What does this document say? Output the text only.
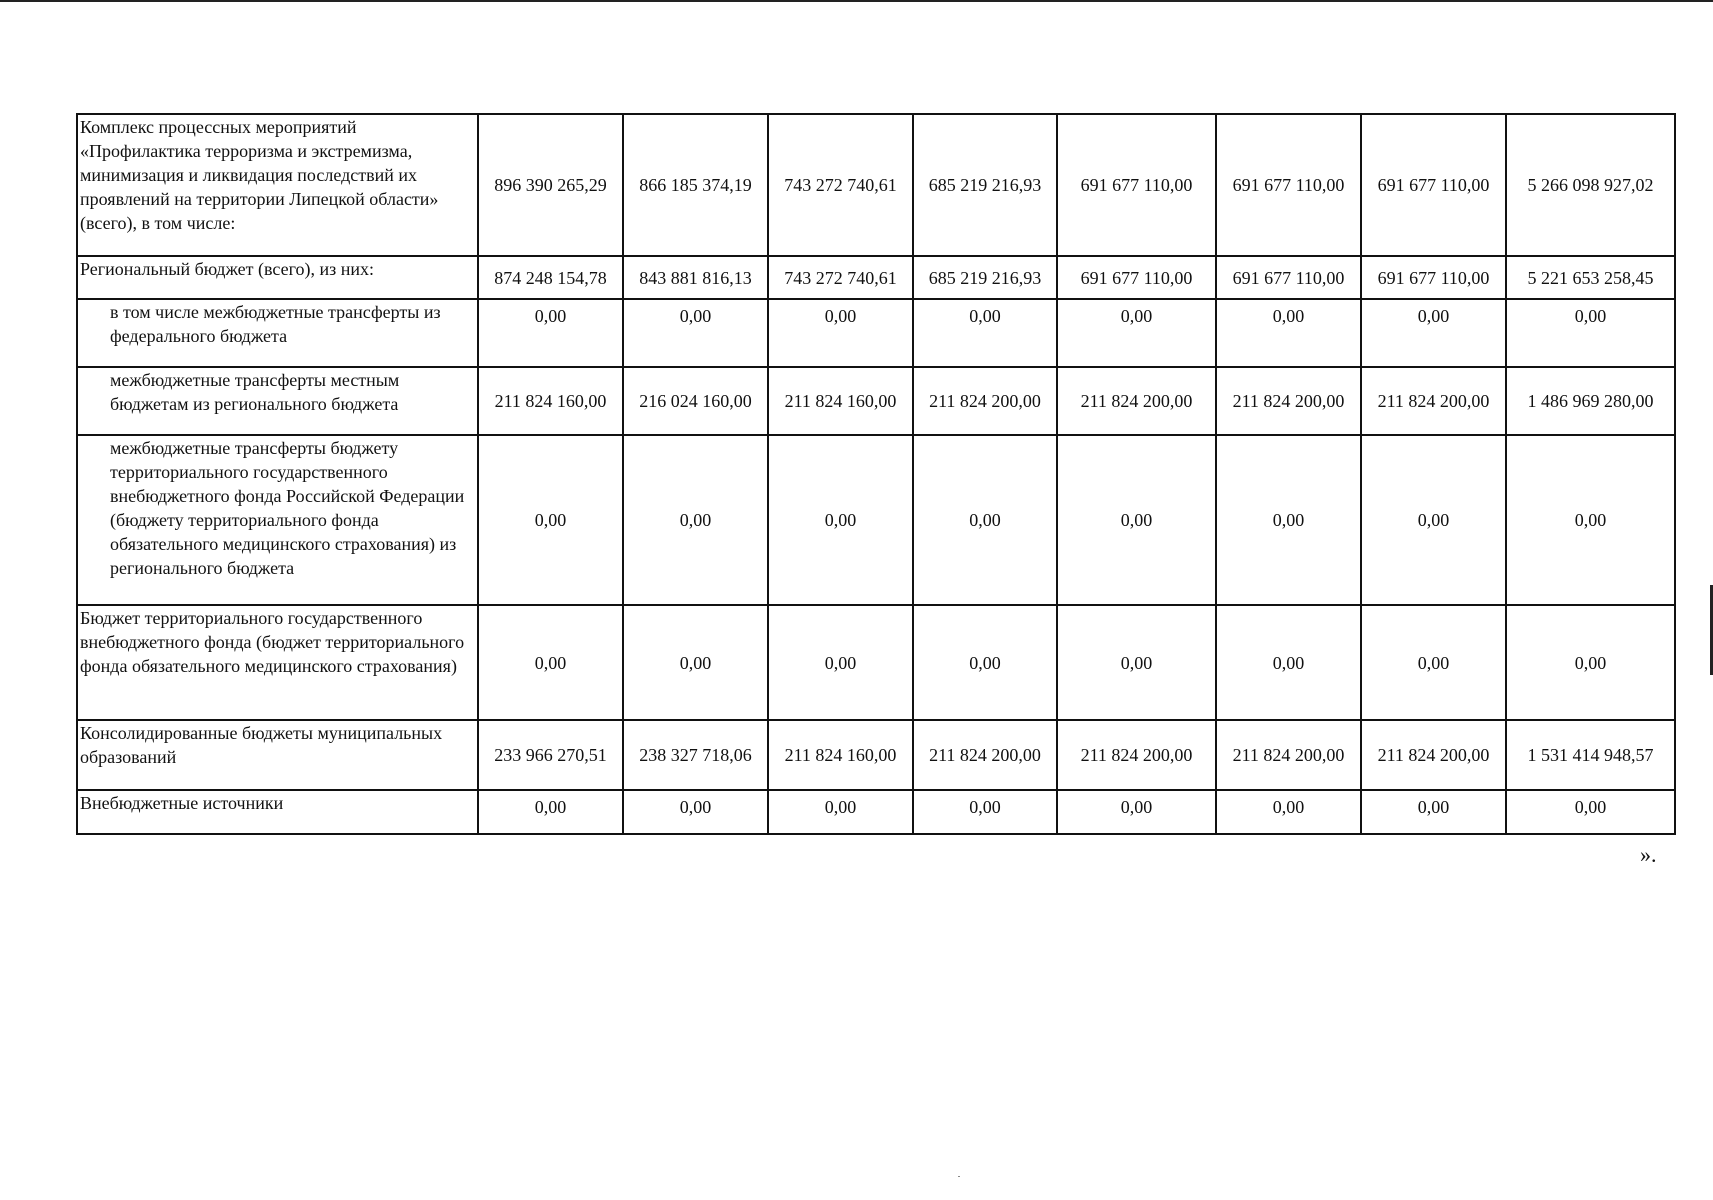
Комплекс процессных мероприятий «Профилактика терроризма и экстремизма, минимизация и ликвидация последствий их проявлений на территории Липецкой области» (всего), в том числе:	896 390 265,29	866 185 374,19	743 272 740,61	685 219 216,93	691 677 110,00	691 677 110,00	691 677 110,00	5 266 098 927,02
Региональный бюджет (всего), из них:	874 248 154,78	843 881 816,13	743 272 740,61	685 219 216,93	691 677 110,00	691 677 110,00	691 677 110,00	5 221 653 258,45
в том числе межбюджетные трансферты из федерального бюджета	0,00	0,00	0,00	0,00	0,00	0,00	0,00	0,00
межбюджетные трансферты местным бюджетам из регионального бюджета	211 824 160,00	216 024 160,00	211 824 160,00	211 824 200,00	211 824 200,00	211 824 200,00	211 824 200,00	1 486 969 280,00
межбюджетные трансферты бюджету территориального государственного внебюджетного фонда Российской Федерации (бюджету территориального фонда обязательного медицинского страхования) из регионального бюджета	0,00	0,00	0,00	0,00	0,00	0,00	0,00	0,00
Бюджет территориального государственного внебюджетного фонда (бюджет территориального фонда обязательного медицинского страхования)	0,00	0,00	0,00	0,00	0,00	0,00	0,00	0,00
Консолидированные бюджеты муниципальных образований	233 966 270,51	238 327 718,06	211 824 160,00	211 824 200,00	211 824 200,00	211 824 200,00	211 824 200,00	1 531 414 948,57
Внебюджетные источники	0,00	0,00	0,00	0,00	0,00	0,00	0,00	0,00
».
